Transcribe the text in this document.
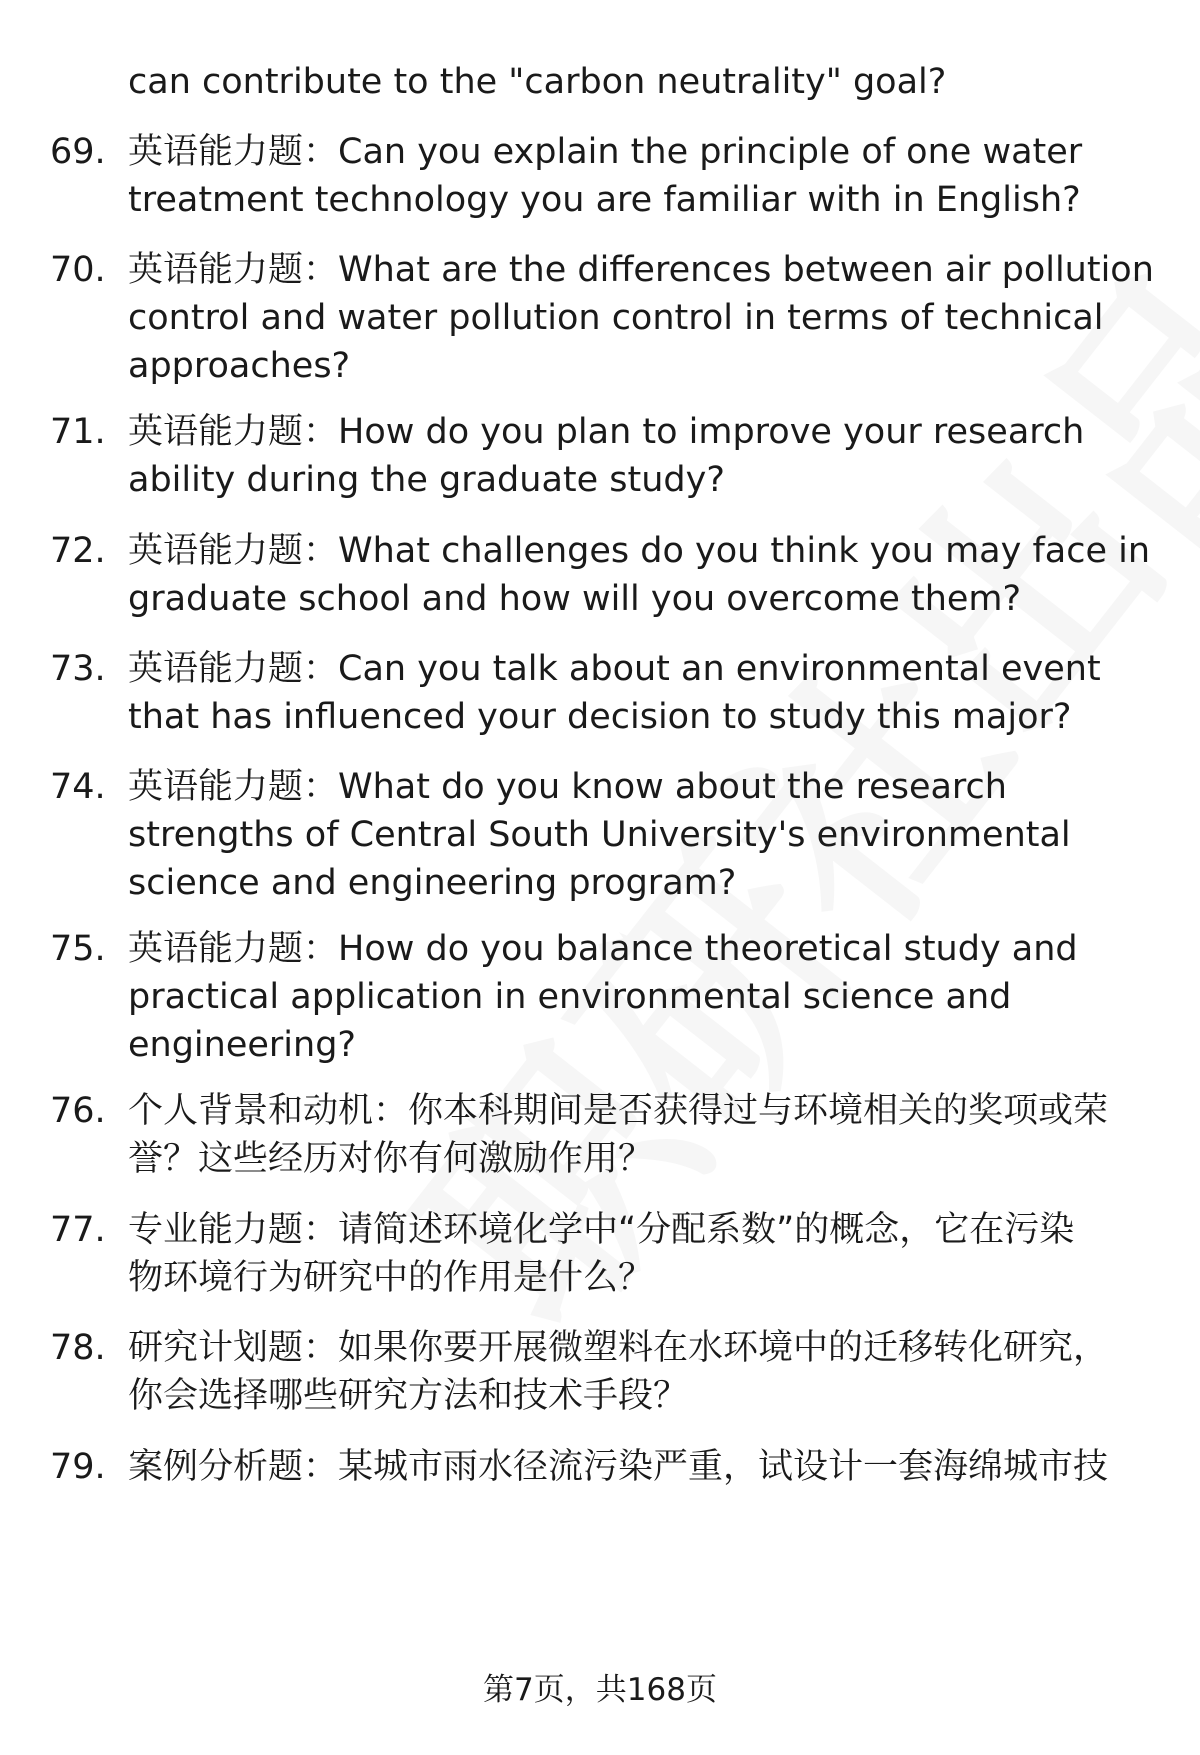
can contribute to the "carbon neutrality" goal?
69. 英语能力题：Can you explain the principle of one water
treatment technology you are familiar with in English?
70. 英语能力题：What are the differences between air pollution
control and water pollution control in terms of technical
approaches?
71. 英语能力题：How do you plan to improve your research
ability during the graduate study?
72. 英语能力题：What challenges do you think you may face in
graduate school and how will you overcome them?
73. 英语能力题：Can you talk about an environmental event
that has influenced your decision to study this major?
74. 英语能力题：What do you know about the research
strengths of Central South University's environmental
science and engineering program?
75. 英语能力题：How do you balance theoretical study and
practical application in environmental science and
engineering?
76. 个人背景和动机：你本科期间是否获得过与环境相关的奖项或荣
誉？这些经历对你有何激励作用？
77. 专业能力题：请简述环境化学中“分配系数”的概念，它在污染
物环境行为研究中的作用是什么？
78. 研究计划题：如果你要开展微塑料在水环境中的迁移转化研究，
你会选择哪些研究方法和技术手段？
79. 案例分析题：某城市雨水径流污染严重，试设计一套海绵城市技
第7页，共168页
